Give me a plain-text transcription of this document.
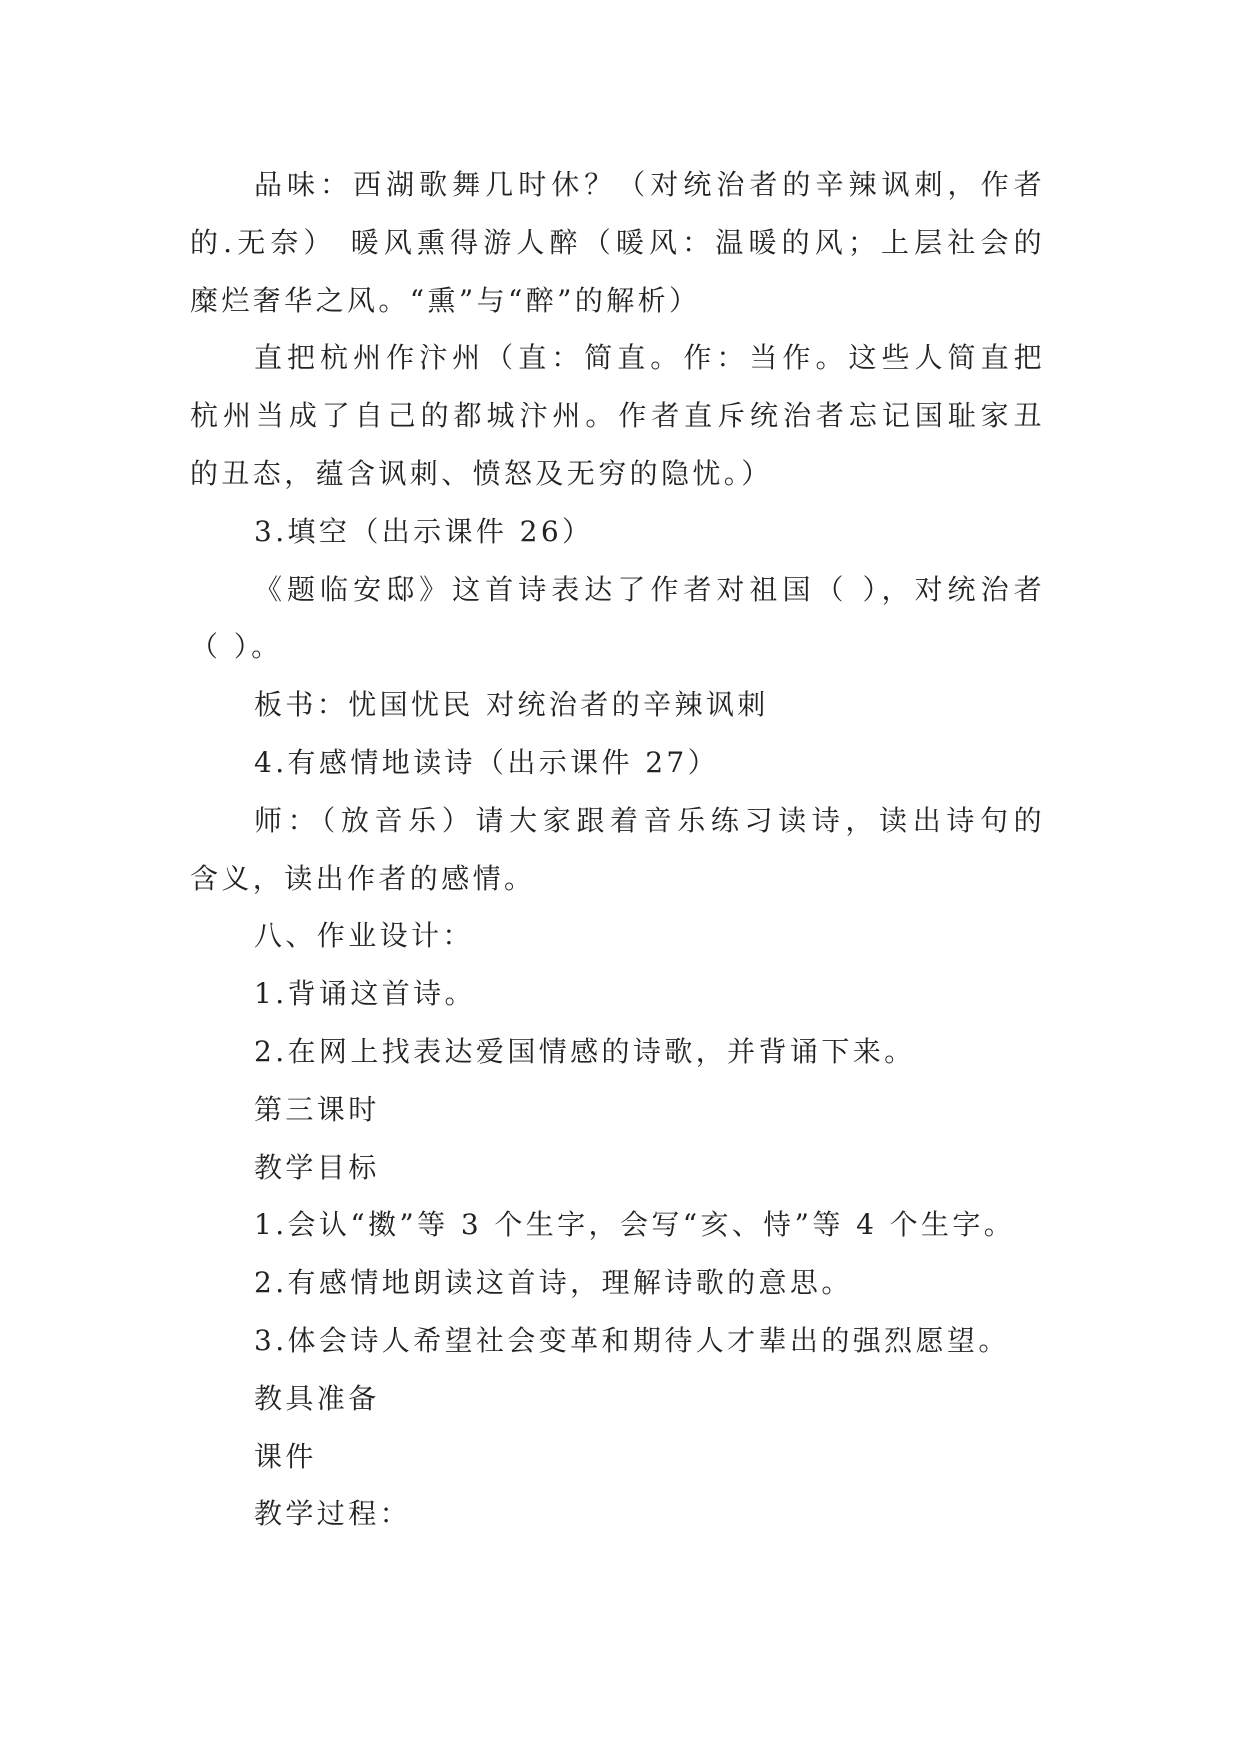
品味：西湖歌舞几时休？（对统治者的辛辣讽刺，作者
的.无奈） 暖风熏得游人醉（暖风：温暖的风；上层社会的
糜烂奢华之风。“熏”与“醉”的解析）
直把杭州作汴州（直：简直。作：当作。这些人简直把
杭州当成了自己的都城汴州。作者直斥统治者忘记国耻家丑
的丑态，蕴含讽刺、愤怒及无穷的隐忧。）
3.填空（出示课件 26）
《题临安邸》这首诗表达了作者对祖国（ ），对统治者
（ ）。
板书：忧国忧民 对统治者的辛辣讽刺
4.有感情地读诗（出示课件 27）
师：（放音乐）请大家跟着音乐练习读诗，读出诗句的
含义，读出作者的感情。
八、作业设计：
1.背诵这首诗。
2.在网上找表达爱国情感的诗歌，并背诵下来。
第三课时
教学目标
1.会认“擞”等 3 个生字，会写“亥、恃”等 4 个生字。
2.有感情地朗读这首诗，理解诗歌的意思。
3.体会诗人希望社会变革和期待人才辈出的强烈愿望。
教具准备
课件
教学过程：
